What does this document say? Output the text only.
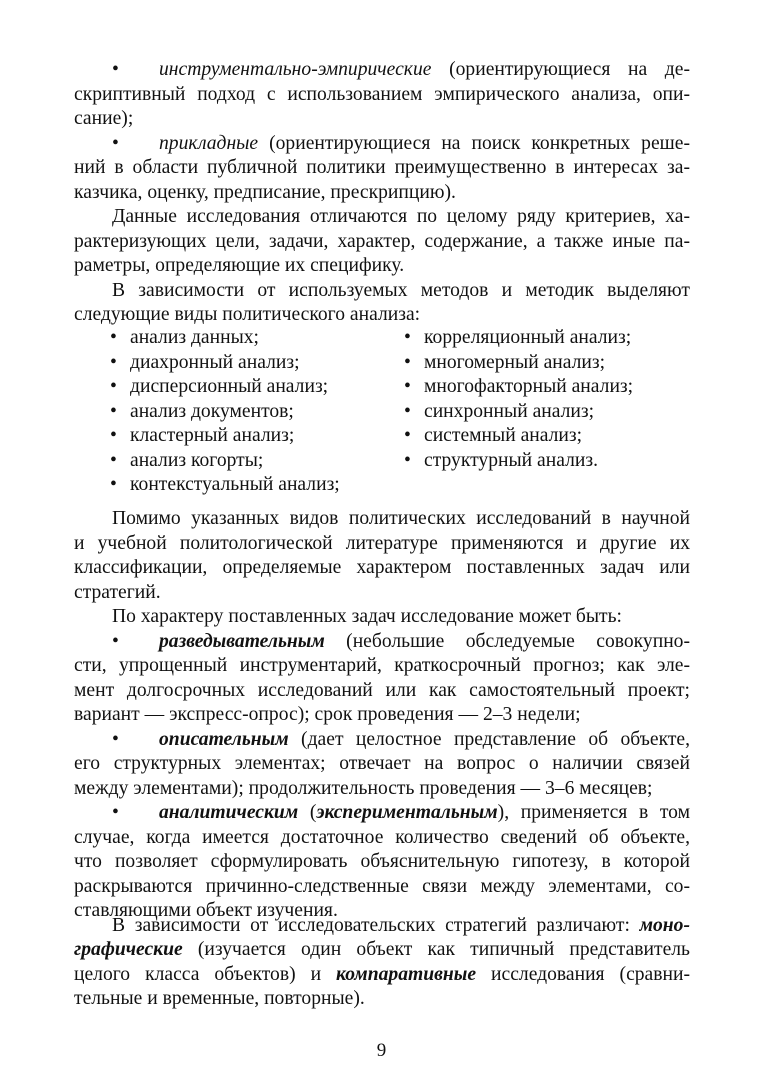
• инструментально-эмпирические (ориентирующиеся на де-
скриптивный подход с использованием эмпирического анализа, опи-
сание);
• прикладные (ориентирующиеся на поиск конкретных реше-
ний в области публичной политики преимущественно в интересах за-
казчика, оценку, предписание, прескрипцию).
Данные исследования отличаются по целому ряду критериев, ха-
рактеризующих цели, задачи, характер, содержание, а также иные па-
раметры, определяющие их специфику.
В зависимости от используемых методов и методик выделяют
следующие виды политического анализа:
• анализ данных;
• диахронный анализ;
• дисперсионный анализ;
• анализ документов;
• кластерный анализ;
• анализ когорты;
• контекстуальный анализ;
• корреляционный анализ;
• многомерный анализ;
• многофакторный анализ;
• синхронный анализ;
• системный анализ;
• структурный анализ.
Помимо указанных видов политических исследований в научной
и учебной политологической литературе применяются и другие их
классификации, определяемые характером поставленных задач или
стратегий.
По характеру поставленных задач исследование может быть:
• разведывательным (небольшие обследуемые совокупно-
сти, упрощенный инструментарий, краткосрочный прогноз; как эле-
мент долгосрочных исследований или как самостоятельный проект;
вариант — экспресс-опрос); срок проведения — 2–3 недели;
• описательным (дает целостное представление об объекте,
его структурных элементах; отвечает на вопрос о наличии связей
между элементами); продолжительность проведения — 3–6 месяцев;
• аналитическим (экспериментальным), применяется в том
случае, когда имеется достаточное количество сведений об объекте,
что позволяет сформулировать объяснительную гипотезу, в которой
раскрываются причинно-следственные связи между элементами, со-
ставляющими объект изучения.
В зависимости от исследовательских стратегий различают: моно-
графические (изучается один объект как типичный представитель
целого класса объектов) и компаративные исследования (сравни-
тельные и временные, повторные).
9
